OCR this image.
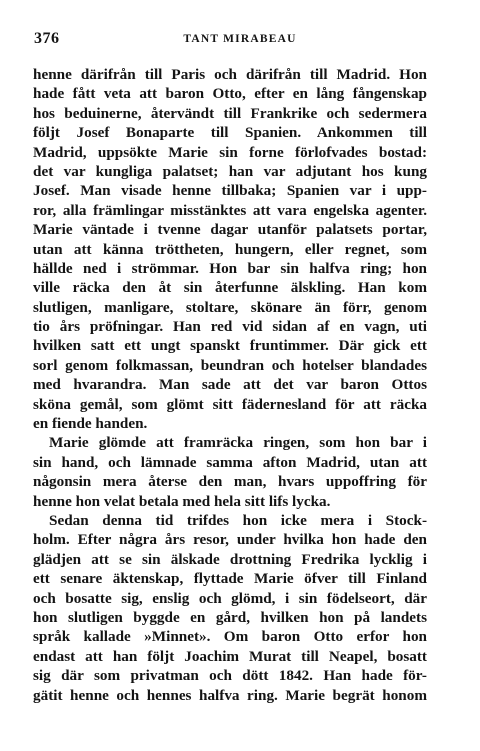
376	TANT MIRABEAU
henne därifrån till Paris och därifrån till Madrid. Hon
hade fått veta att baron Otto, efter en lång fångenskap
hos beduinerne, återvändt till Frankrike och sedermera
följt Josef Bonaparte till Spanien. Ankommen till
Madrid, uppsökte Marie sin forne förlofvades bostad:
det var kungliga palatset; han var adjutant hos kung
Josef. Man visade henne tillbaka; Spanien var i upp-
ror, alla främlingar misstänktes att vara engelska agenter.
Marie väntade i tvenne dagar utanför palatsets portar,
utan att känna tröttheten, hungern, eller regnet, som
hällde ned i strömmar. Hon bar sin halfva ring; hon
ville räcka den åt sin återfunne älskling. Han kom
slutligen, manligare, stoltare, skönare än förr, genom
tio års pröfningar. Han red vid sidan af en vagn, uti
hvilken satt ett ungt spanskt fruntimmer. Där gick ett
sorl genom folkmassan, beundran och hotelser blandades
med hvarandra. Man sade att det var baron Ottos
sköna gemål, som glömt sitt fädernesland för att räcka
en fiende handen.
Marie glömde att framräcka ringen, som hon bar i
sin hand, och lämnade samma afton Madrid, utan att
någonsin mera återse den man, hvars uppoffring för
henne hon velat betala med hela sitt lifs lycka.
Sedan denna tid trifdes hon icke mera i Stock-
holm. Efter några års resor, under hvilka hon hade den
glädjen att se sin älskade drottning Fredrika lycklig i
ett senare äktenskap, flyttade Marie öfver till Finland
och bosatte sig, enslig och glömd, i sin födelseort, där
hon slutligen byggde en gård, hvilken hon på landets
språk kallade »Minnet». Om baron Otto erfor hon
endast att han följt Joachim Murat till Neapel, bosatt
sig där som privatman och dött 1842. Han hade för-
gätit henne och hennes halfva ring. Marie begrät honom
